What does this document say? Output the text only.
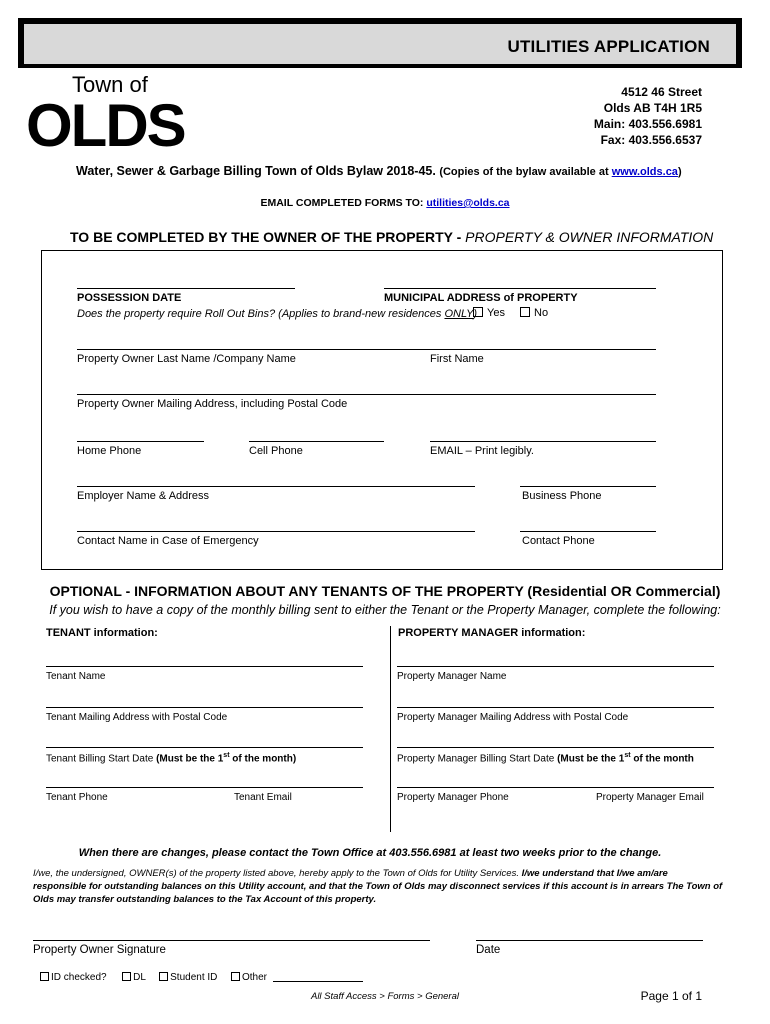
UTILITIES APPLICATION
Town of
OLDS	4512 46 Street
Olds AB T4H 1R5
Main: 403.556.6981
Fax: 403.556.6537
Water, Sewer & Garbage Billing Town of Olds Bylaw 2018-45. (Copies of the bylaw available at www.olds.ca)
EMAIL COMPLETED FORMS TO: utilities@olds.ca
TO BE COMPLETED BY THE OWNER OF THE PROPERTY - PROPERTY & OWNER INFORMATION
POSSESSION DATE	MUNICIPAL ADDRESS of PROPERTY
Does the property require Roll Out Bins? (Applies to brand-new residences ONLY) Yes	No
Property Owner Last Name /Company Name	First Name
Property Owner Mailing Address, including Postal Code
Home Phone	Cell Phone	EMAIL – Print legibly.
Employer Name & Address	Business Phone
Contact Name in Case of Emergency	Contact Phone
OPTIONAL - INFORMATION ABOUT ANY TENANTS OF THE PROPERTY (Residential OR Commercial)
If you wish to have a copy of the monthly billing sent to either the Tenant or the Property Manager, complete the following:
TENANT information:	PROPERTY MANAGER information:
Tenant Name
Tenant Mailing Address with Postal Code
Tenant Billing Start Date (Must be the 1st of the month)
Tenant Phone	Tenant Email
Property Manager Name
Property Manager Mailing Address with Postal Code
Property Manager Billing Start Date (Must be the 1st of the month
Property Manager Phone	Property Manager Email
When there are changes, please contact the Town Office at 403.556.6981 at least two weeks prior to the change.
I/we, the undersigned, OWNER(s) of the property listed above, hereby apply to the Town of Olds for Utility Services. I/we understand that I/we am/are responsible for outstanding balances on this Utility account, and that the Town of Olds may disconnect services if this account is in arrears The Town of Olds may transfer outstanding balances to the Tax Account of this property.
Property Owner Signature	Date
ID checked?	DL Student ID Other
All Staff Access > Forms > General	Page 1 of 1
